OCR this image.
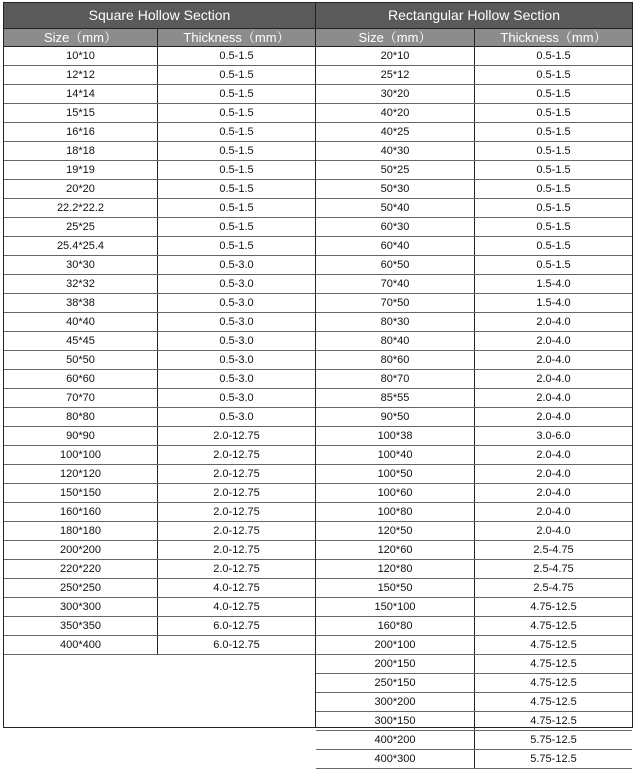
Square Hollow Section
Size（mm）	Thickness（mm）
10*10	0.5-1.5
12*12	0.5-1.5
14*14	0.5-1.5
15*15	0.5-1.5
16*16	0.5-1.5
18*18	0.5-1.5
19*19	0.5-1.5
20*20	0.5-1.5
22.2*22.2	0.5-1.5
25*25	0.5-1.5
25.4*25.4	0.5-1.5
30*30	0.5-3.0
32*32	0.5-3.0
38*38	0.5-3.0
40*40	0.5-3.0
45*45	0.5-3.0
50*50	0.5-3.0
60*60	0.5-3.0
70*70	0.5-3.0
80*80	0.5-3.0
90*90	2.0-12.75
100*100	2.0-12.75
120*120	2.0-12.75
150*150	2.0-12.75
160*160	2.0-12.75
180*180	2.0-12.75
200*200	2.0-12.75
220*220	2.0-12.75
250*250	4.0-12.75
300*300	4.0-12.75
350*350	6.0-12.75
400*400	6.0-12.75
Rectangular Hollow Section
Size（mm）	Thickness（mm）
20*10	0.5-1.5
25*12	0.5-1.5
30*20	0.5-1.5
40*20	0.5-1.5
40*25	0.5-1.5
40*30	0.5-1.5
50*25	0.5-1.5
50*30	0.5-1.5
50*40	0.5-1.5
60*30	0.5-1.5
60*40	0.5-1.5
60*50	0.5-1.5
70*40	1.5-4.0
70*50	1.5-4.0
80*30	2.0-4.0
80*40	2.0-4.0
80*60	2.0-4.0
80*70	2.0-4.0
85*55	2.0-4.0
90*50	2.0-4.0
100*38	3.0-6.0
100*40	2.0-4.0
100*50	2.0-4.0
100*60	2.0-4.0
100*80	2.0-4.0
120*50	2.0-4.0
120*60	2.5-4.75
120*80	2.5-4.75
150*50	2.5-4.75
150*100	4.75-12.5
160*80	4.75-12.5
200*100	4.75-12.5
200*150	4.75-12.5
250*150	4.75-12.5
300*200	4.75-12.5
300*150	4.75-12.5
400*200	5.75-12.5
400*300	5.75-12.5
